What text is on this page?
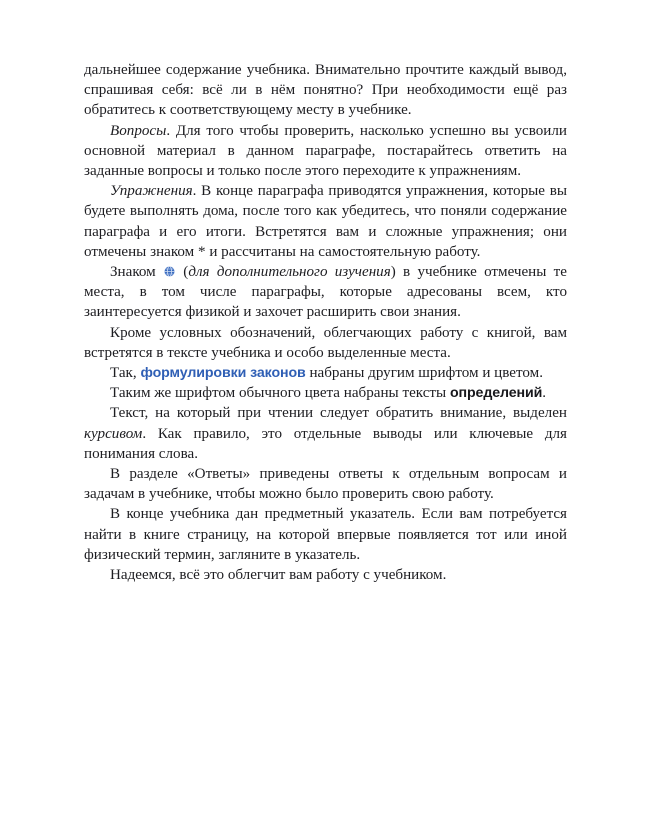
дальнейшее содержание учебника. Внимательно прочтите каждый вывод, спрашивая себя: всё ли в нём понятно? При необходимости ещё раз обратитесь к соответствующему месту в учебнике.

Вопросы. Для того чтобы проверить, насколько успешно вы усвоили основной материал в данном параграфе, постарайтесь ответить на заданные вопросы и только после этого переходите к упражнениям.

Упражнения. В конце параграфа приводятся упражнения, которые вы будете выполнять дома, после того как убедитесь, что поняли содержание параграфа и его итоги. Встретятся вам и сложные упражнения; они отмечены знаком * и рассчитаны на самостоятельную работу.

Знаком
(для дополнительного изучения) в учебнике отмечены те места, в том числе параграфы, которые адресованы всем, кто заинтересуется физикой и захочет расширить свои знания.

Кроме условных обозначений, облегчающих работу с книгой, вам встретятся в тексте учебника и особо выделенные места.

Так, формулировки законов набраны другим шрифтом и цветом.

Таким же шрифтом обычного цвета набраны тексты определений.

Текст, на который при чтении следует обратить внимание, выделен курсивом. Как правило, это отдельные выводы или ключевые для понимания слова.

В разделе «Ответы» приведены ответы к отдельным вопросам и задачам в учебнике, чтобы можно было проверить свою работу.

В конце учебника дан предметный указатель. Если вам потребуется найти в книге страницу, на которой впервые появляется тот или иной физический термин, загляните в указатель.

Надеемся, всё это облегчит вам работу с учебником.
